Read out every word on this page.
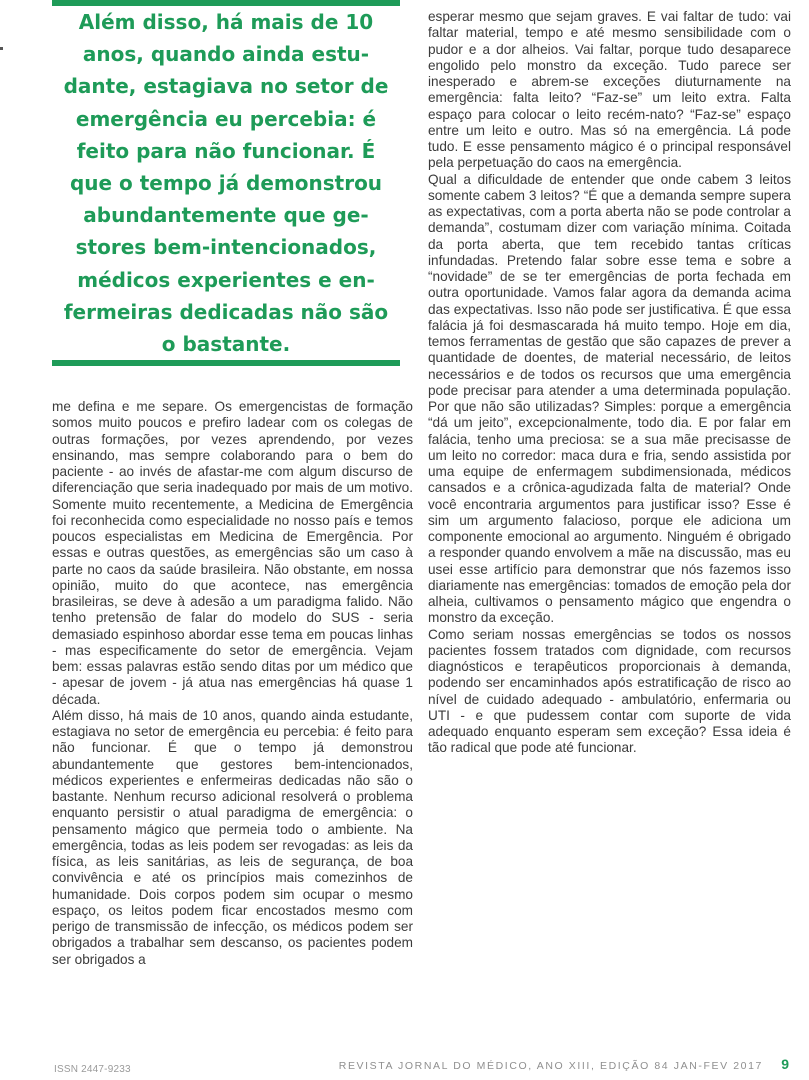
Além disso, há mais de 10 anos, quando ainda estu-dante, estagiava no setor de emergência eu percebia: é feito para não funcionar. É que o tempo já demonstrou abundantemente que ge-stores bem-intencionados, médicos experientes e en-fermeiras dedicadas não são o bastante.

me defina e me separe. Os emergencistas de formação somos muito poucos e prefiro ladear com os colegas de outras formações, por vezes aprendendo, por vezes ensinando, mas sempre colaborando para o bem do paciente - ao invés de afastar-me com algum discurso de diferenciação que seria inadequado por mais de um motivo. Somente muito recentemente, a Medicina de Emergência foi reconhecida como especialidade no nosso país e temos poucos especialistas em Medicina de Emergência. Por essas e outras questões, as emergências são um caso à parte no caos da saúde brasileira. Não obstante, em nossa opinião, muito do que acontece, nas emergência brasileiras, se deve à adesão a um paradigma falido. Não tenho pretensão de falar do modelo do SUS - seria demasiado espinhoso abordar esse tema em poucas linhas - mas especificamente do setor de emergência. Vejam bem: essas palavras estão sendo ditas por um médico que - apesar de jovem - já atua nas emergências há quase 1 década.

Além disso, há mais de 10 anos, quando ainda estudante, estagiava no setor de emergência eu percebia: é feito para não funcionar. É que o tempo já demonstrou abundantemente que gestores bem-intencionados, médicos experientes e enfermeiras dedicadas não são o bastante. Nenhum recurso adicional resolverá o problema enquanto persistir o atual paradigma de emergência: o pensamento mágico que permeia todo o ambiente. Na emergência, todas as leis podem ser revogadas: as leis da física, as leis sanitárias, as leis de segurança, de boa convivência e até os princípios mais comezinhos de humanidade. Dois corpos podem sim ocupar o mesmo espaço, os leitos podem ficar encostados mesmo com perigo de transmissão de infecção, os médicos podem ser obrigados a trabalhar sem descanso, os pacientes podem ser obrigados a

esperar mesmo que sejam graves. E vai faltar de tudo: vai faltar material, tempo e até mesmo sensibilidade com o pudor e a dor alheios. Vai faltar, porque tudo desaparece engolido pelo monstro da exceção. Tudo parece ser inesperado e abrem-se exceções diuturnamente na emergência: falta leito? “Faz-se” um leito extra. Falta espaço para colocar o leito recém-nato? “Faz-se” espaço entre um leito e outro. Mas só na emergência. Lá pode tudo. E esse pensamento mágico é o principal responsável pela perpetuação do caos na emergência.

Qual a dificuldade de entender que onde cabem 3 leitos somente cabem 3 leitos? “É que a demanda sempre supera as expectativas, com a porta aberta não se pode controlar a demanda”, costumam dizer com variação mínima. Coitada da porta aberta, que tem recebido tantas críticas infundadas. Pretendo falar sobre esse tema e sobre a “novidade” de se ter emergências de porta fechada em outra oportunidade. Vamos falar agora da demanda acima das expectativas. Isso não pode ser justificativa. É que essa falácia já foi desmascarada há muito tempo. Hoje em dia, temos ferramentas de gestão que são capazes de prever a quantidade de doentes, de material necessário, de leitos necessários e de todos os recursos que uma emergência pode precisar para atender a uma determinada população. Por que não são utilizadas? Simples: porque a emergência “dá um jeito”, excepcionalmente, todo dia. E por falar em falácia, tenho uma preciosa: se a sua mãe precisasse de um leito no corredor: maca dura e fria, sendo assistida por uma equipe de enfermagem subdimensionada, médicos cansados e a crônica-agudizada falta de material? Onde você encontraria argumentos para justificar isso? Esse é sim um argumento falacioso, porque ele adiciona um componente emocional ao argumento. Ninguém é obrigado a responder quando envolvem a mãe na discussão, mas eu usei esse artifício para demonstrar que nós fazemos isso diariamente nas emergências: tomados de emoção pela dor alheia, cultivamos o pensamento mágico que engendra o monstro da exceção.

Como seriam nossas emergências se todos os nossos pacientes fossem tratados com dignidade, com recursos diagnósticos e terapêuticos proporcionais à demanda, podendo ser encaminhados após estratificação de risco ao nível de cuidado adequado - ambulatório, enfermaria ou UTI - e que pudessem contar com suporte de vida adequado enquanto esperam sem exceção? Essa ideia é tão radical que pode até funcionar.

ISSN 2447-9233	REVISTA JORNAL DO MÉDICO, ANO XIII, EDIÇÃO 84 JAN-FEV 2017 9
